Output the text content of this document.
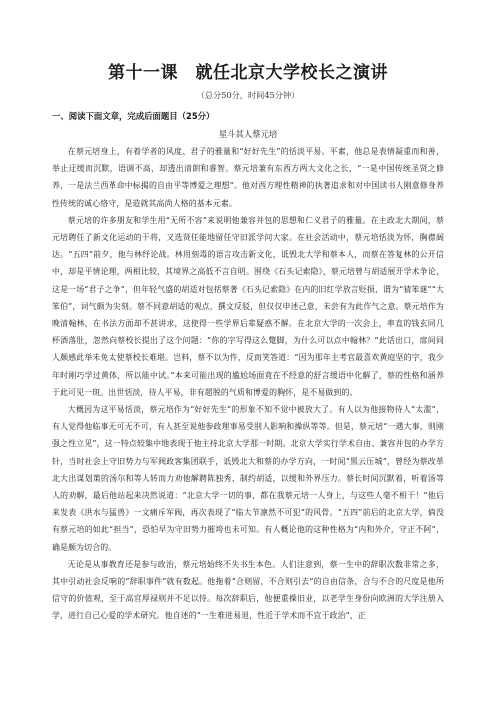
第十一课　就任北京大学校长之演讲
（总分50分，时间45分钟）
一、阅读下面文章，完成后面题目（25分）
星斗其人蔡元培

在蔡元培身上，有着学者的风度、君子的雅量和“好好先生”的恬淡平易。平素，他总是表情凝重而和善，举止迂缓而沉默，语调不高，却透出清朗和睿智。蔡元培兼有东西方两大文化之长，“一是中国传统圣贤之修养，一是法兰西革命中标揭的自由平等博爱之理想”。他对西方理性精神的执著追求和对中国读书人刚意修身养性传统的诚心恪守，是造就其高尚人格的基本元素。

蔡元培的许多朋友和学生用“无所不容”来说明他兼容并包的思想和仁义君子的雅量。在主政北大期间，蔡元培聘任了新文化运动的干将，又选贤任能地留任守旧派学问大家。在社会活动中，蔡元培恬淡为怀，胸襟阔达。“五四”前夕，他与林纾论战。林用刻毒的语言攻击新文化，诋毁北大学和蔡本人，而蔡在答复林的公开信中，却是平情论理，两相比较，其境界之高低不言自明。围绕《石头记索隐》，蔡元培曾与胡适展开学术争论，这是一场“君子之争”，但年轻气盛的胡适对包括蔡著《石头记索隐》在内的旧红学放言贬损，谓为“猜笨谜”“大笨伯”，词气颇为尖刻。蔡不同意胡适的观点，撰文反驳，但仅仅申述己意，未尝有为此作气之意。蔡元培作为晚清翰林，在书法方面却不甚讲求，这使得一些学界后辈疑惑不解。在北京大学的一次会上，率直的钱玄同几杯酒落肚，忽然向蔡校长提出了这个问题：“你的字写得这么蹩脚，为什么可以点中翰林？”此话出口，席间同人颇感此举未免太使蔡校长难堪。岂料，蔡不以为忤，反而笑答道：“因为那年主考官最喜欢黄庭坚的字，我少年时刚巧学过黄体，所以能中试。”本来可能出现的尴尬场面竟在不经意的舒言缓语中化解了，蔡的性格和涵养于此可见一斑。出世恬淡，待人平易，非有超脱的气质和博爱的胸怀，是不易做到的。

大概因为这平易恬淡，蔡元培作为“好好先生”的形象不知不觉中被放大了。有人以为他接物待人“太滥”，有人觉得他临事无可无不可，有人甚至说他参政理事易受别人影响和操纵等等。但是，蔡元培“一遇大事，则刚强之性立见”，这一特点较集中地表现于他主持北京大学那一时期。北京大学实行学术自由、兼容并包的办学方针，当时社会上守旧势力与军阀政客集团联手，诋毁北大和蔡的办学方向，一时间“黑云压城”，曾经为蔡改革北大出谋划策的汤尔和等人转而力劝他解聘陈独秀、制约胡适，以缓和外界压力。蔡长时间沉默着，听着汤等人的劝解，最后他站起来决然说道：“北京大学一切的事，都在我蔡元培一人身上，与这些人毫不相干！”他后来发表《洪水与猛兽》一文痛斥军阀，再次表现了“临大节凛然不可犯”的风骨。“五四”前后的北京大学，倘没有蔡元培的如此“担当”，恐怕早为守旧势力摧垮也未可知。有人概论他的这种性格为“内和外介，守正不阿”，确是颇为切合的。

无论是从事教育还是参与政治，蔡元培始终不失书生本色。人们注意到，蔡一生中的辞职次数非常之多，其中引动社会反响的“辞职事件”就有数起。他拖着“合则留，不合则引去”的自由信条，合与不合的尺度是他所信守的价值观，至于高官厚禄则并不足以恃。每次辞职后，他便重操旧业，以老学生身份向欧洲的大学注册入学，进行自己心爱的学术研究。他自述的“一生难进易退，性近于学术而不宜于政治”，正
